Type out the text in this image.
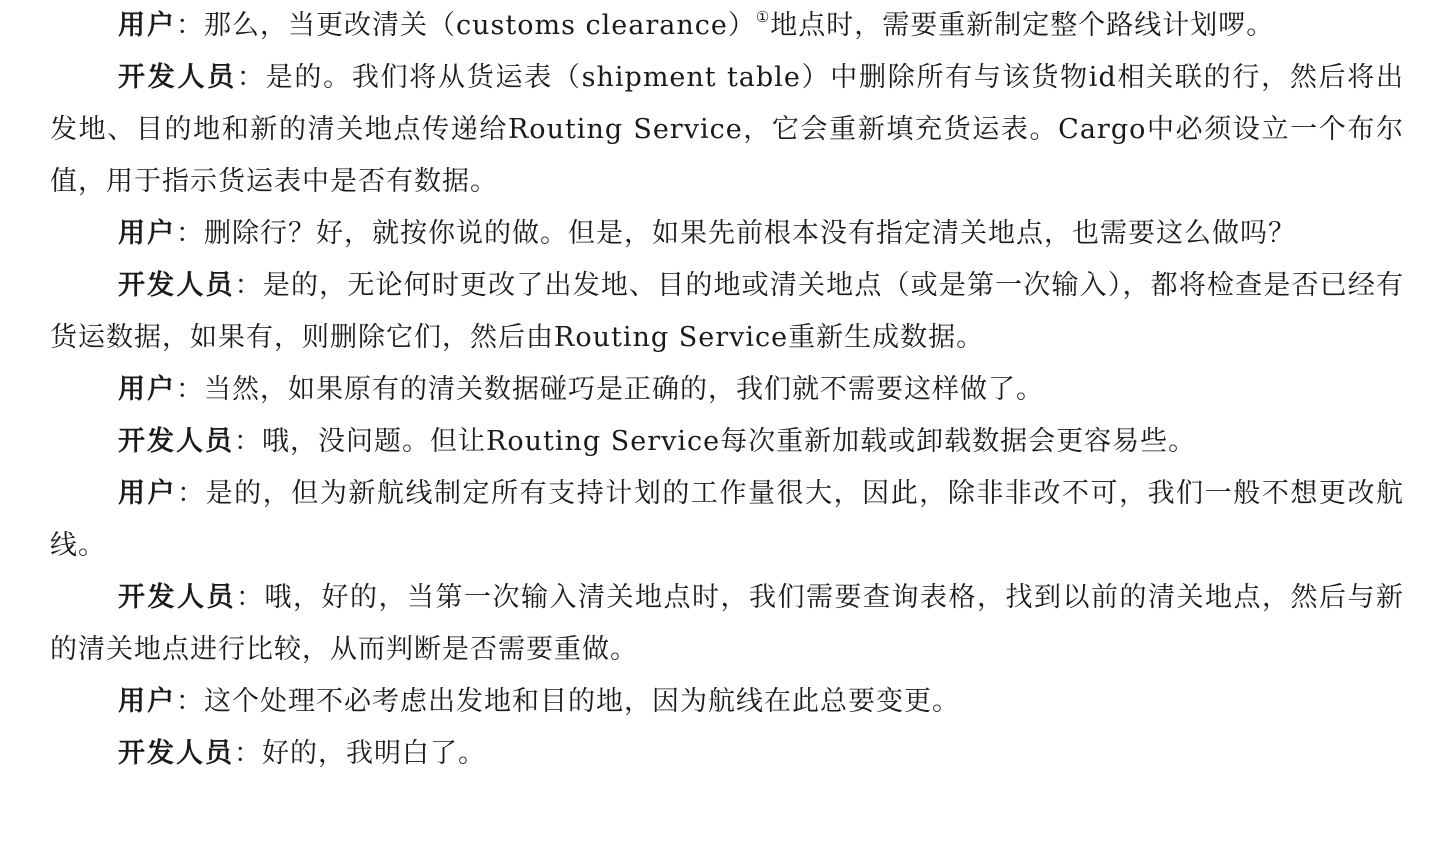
用户：那么，当更改清关（customs clearance）①地点时，需要重新制定整个路线计划啰。

开发人员：是的。我们将从货运表（shipment table）中删除所有与该货物id相关联的行，然后将出发地、目的地和新的清关地点传递给Routing Service，它会重新填充货运表。Cargo中必须设立一个布尔值，用于指示货运表中是否有数据。

用户：删除行？好，就按你说的做。但是，如果先前根本没有指定清关地点，也需要这么做吗？

开发人员：是的，无论何时更改了出发地、目的地或清关地点（或是第一次输入），都将检查是否已经有货运数据，如果有，则删除它们，然后由Routing Service重新生成数据。

用户：当然，如果原有的清关数据碰巧是正确的，我们就不需要这样做了。

开发人员：哦，没问题。但让Routing Service每次重新加载或卸载数据会更容易些。

用户：是的，但为新航线制定所有支持计划的工作量很大，因此，除非非改不可，我们一般不想更改航线。

开发人员：哦，好的，当第一次输入清关地点时，我们需要查询表格，找到以前的清关地点，然后与新的清关地点进行比较，从而判断是否需要重做。

用户：这个处理不必考虑出发地和目的地，因为航线在此总要变更。

开发人员：好的，我明白了。
